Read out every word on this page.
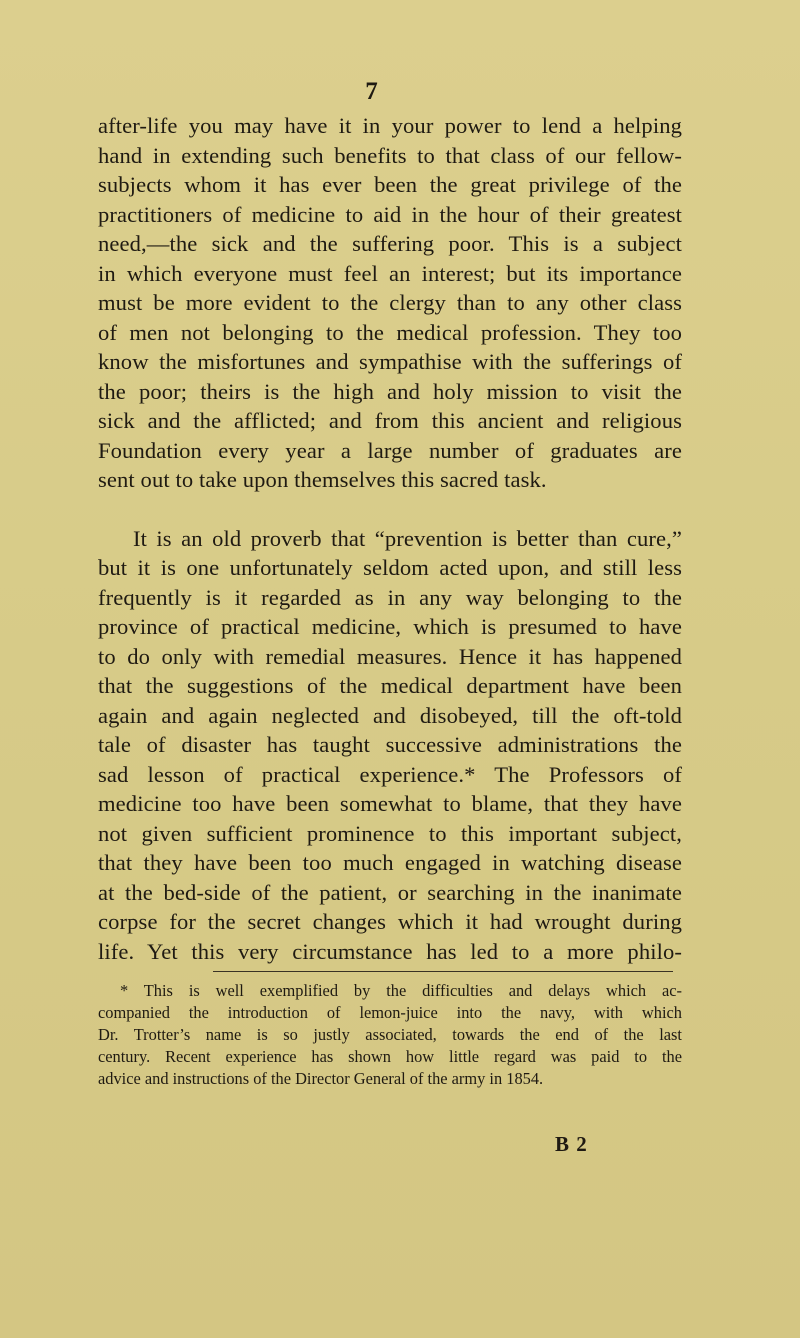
7
after-life you may have it in your power to lend a helping
hand in extending such benefits to that class of our fellow-
subjects whom it has ever been the great privilege of the
practitioners of medicine to aid in the hour of their greatest
need,—the sick and the suffering poor. This is a subject
in which everyone must feel an interest; but its importance
must be more evident to the clergy than to any other class
of men not belonging to the medical profession. They too
know the misfortunes and sympathise with the sufferings of
the poor; theirs is the high and holy mission to visit the
sick and the afflicted; and from this ancient and religious
Foundation every year a large number of graduates are
sent out to take upon themselves this sacred task.
It is an old proverb that “prevention is better than cure,”
but it is one unfortunately seldom acted upon, and still less
frequently is it regarded as in any way belonging to the
province of practical medicine, which is presumed to have
to do only with remedial measures. Hence it has happened
that the suggestions of the medical department have been
again and again neglected and disobeyed, till the oft-told
tale of disaster has taught successive administrations the
sad lesson of practical experience.* The Professors of
medicine too have been somewhat to blame, that they have
not given sufficient prominence to this important subject,
that they have been too much engaged in watching disease
at the bed-side of the patient, or searching in the inanimate
corpse for the secret changes which it had wrought during
life. Yet this very circumstance has led to a more philo-
* This is well exemplified by the difficulties and delays which ac-
companied the introduction of lemon-juice into the navy, with which
Dr. Trotter’s name is so justly associated, towards the end of the last
century. Recent experience has shown how little regard was paid to the
advice and instructions of the Director General of the army in 1854.
B 2
